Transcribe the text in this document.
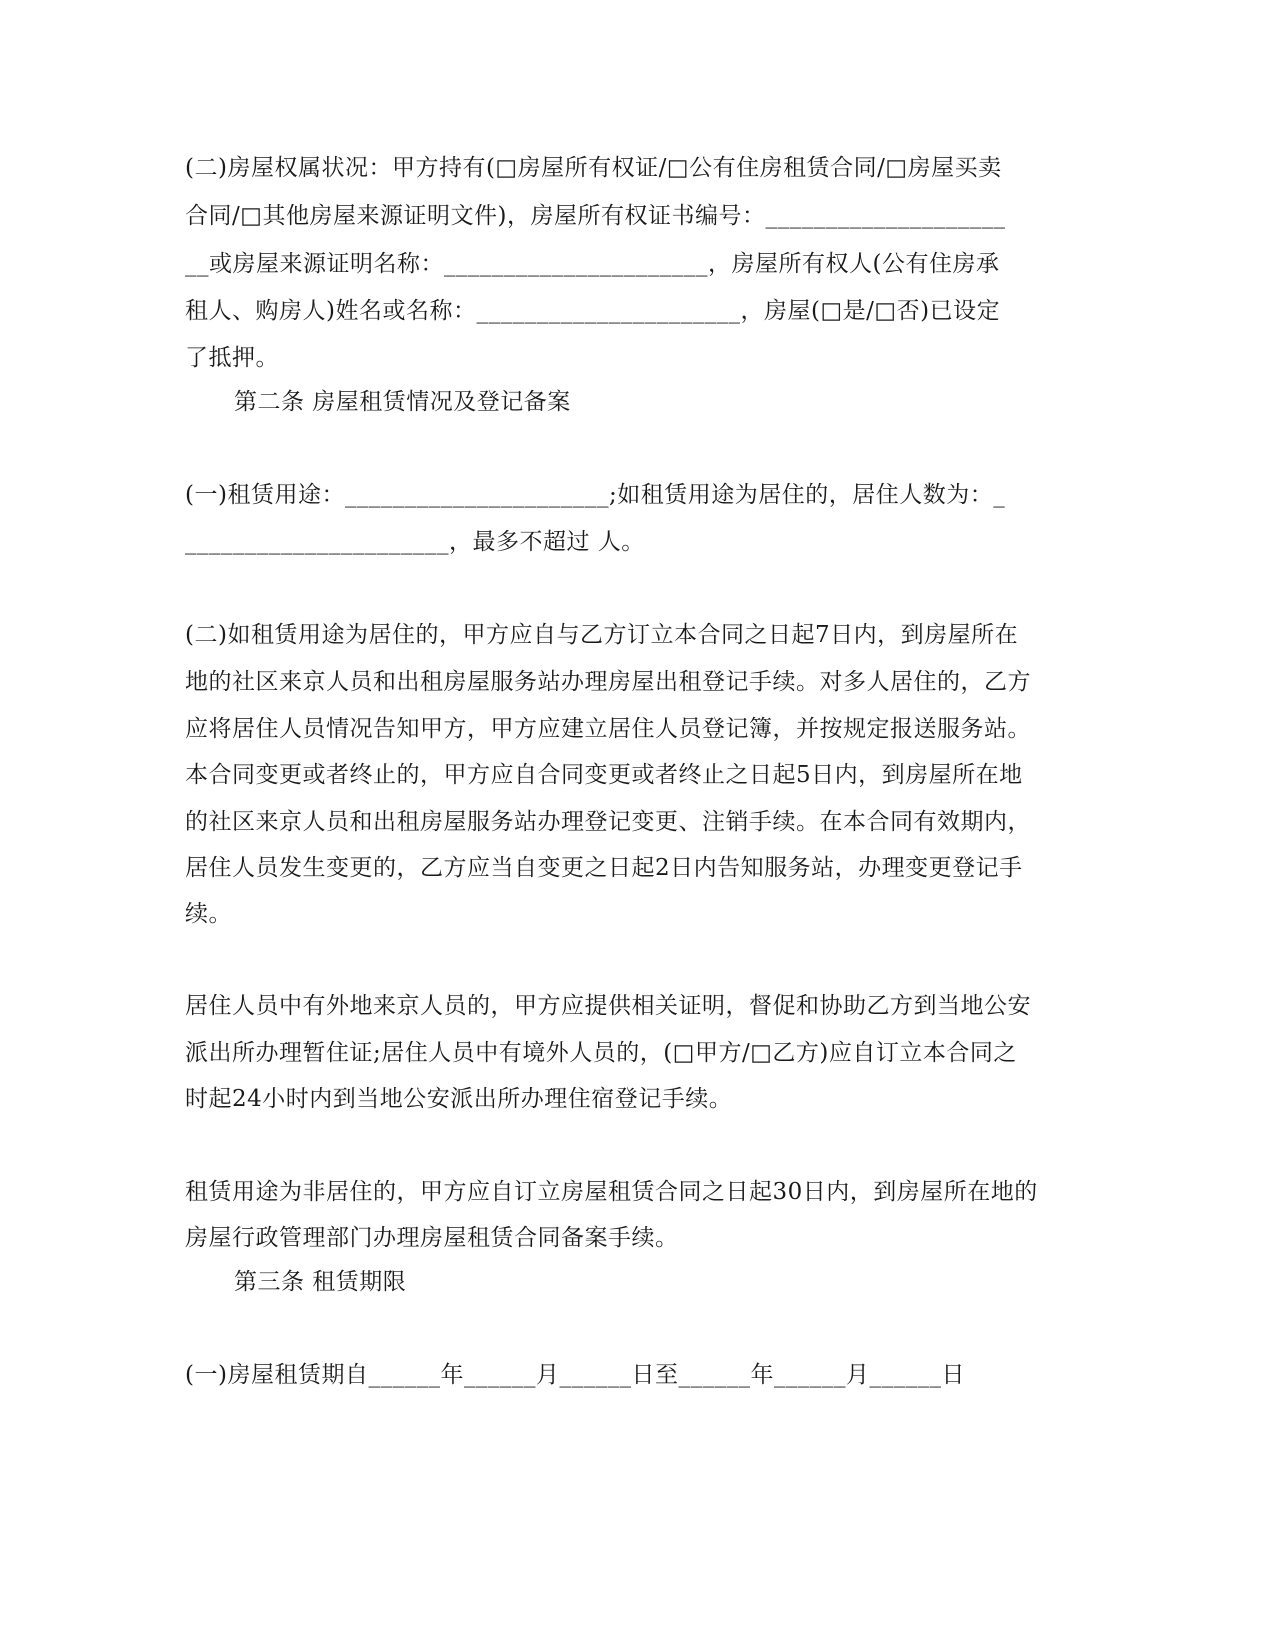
(二)房屋权属状况：甲方持有(□房屋所有权证/□公有住房租赁合同/□房屋买卖
合同/□其他房屋来源证明文件)，房屋所有权证书编号：____________________
__或房屋来源证明名称：______________________，房屋所有权人(公有住房承
租人、购房人)姓名或名称：______________________，房屋(□是/□否)已设定
了抵押。
第二条 房屋租赁情况及登记备案
(一)租赁用途：______________________;如租赁用途为居住的，居住人数为：_
______________________，最多不超过 人。
(二)如租赁用途为居住的，甲方应自与乙方订立本合同之日起7日内，到房屋所在
地的社区来京人员和出租房屋服务站办理房屋出租登记手续。对多人居住的，乙方
应将居住人员情况告知甲方，甲方应建立居住人员登记簿，并按规定报送服务站。
本合同变更或者终止的，甲方应自合同变更或者终止之日起5日内，到房屋所在地
的社区来京人员和出租房屋服务站办理登记变更、注销手续。在本合同有效期内，
居住人员发生变更的，乙方应当自变更之日起2日内告知服务站，办理变更登记手
续。
居住人员中有外地来京人员的，甲方应提供相关证明，督促和协助乙方到当地公安
派出所办理暂住证;居住人员中有境外人员的，(□甲方/□乙方)应自订立本合同之
时起24小时内到当地公安派出所办理住宿登记手续。
租赁用途为非居住的，甲方应自订立房屋租赁合同之日起30日内，到房屋所在地的
房屋行政管理部门办理房屋租赁合同备案手续。
第三条 租赁期限
(一)房屋租赁期自______年______月______日至______年______月______日
